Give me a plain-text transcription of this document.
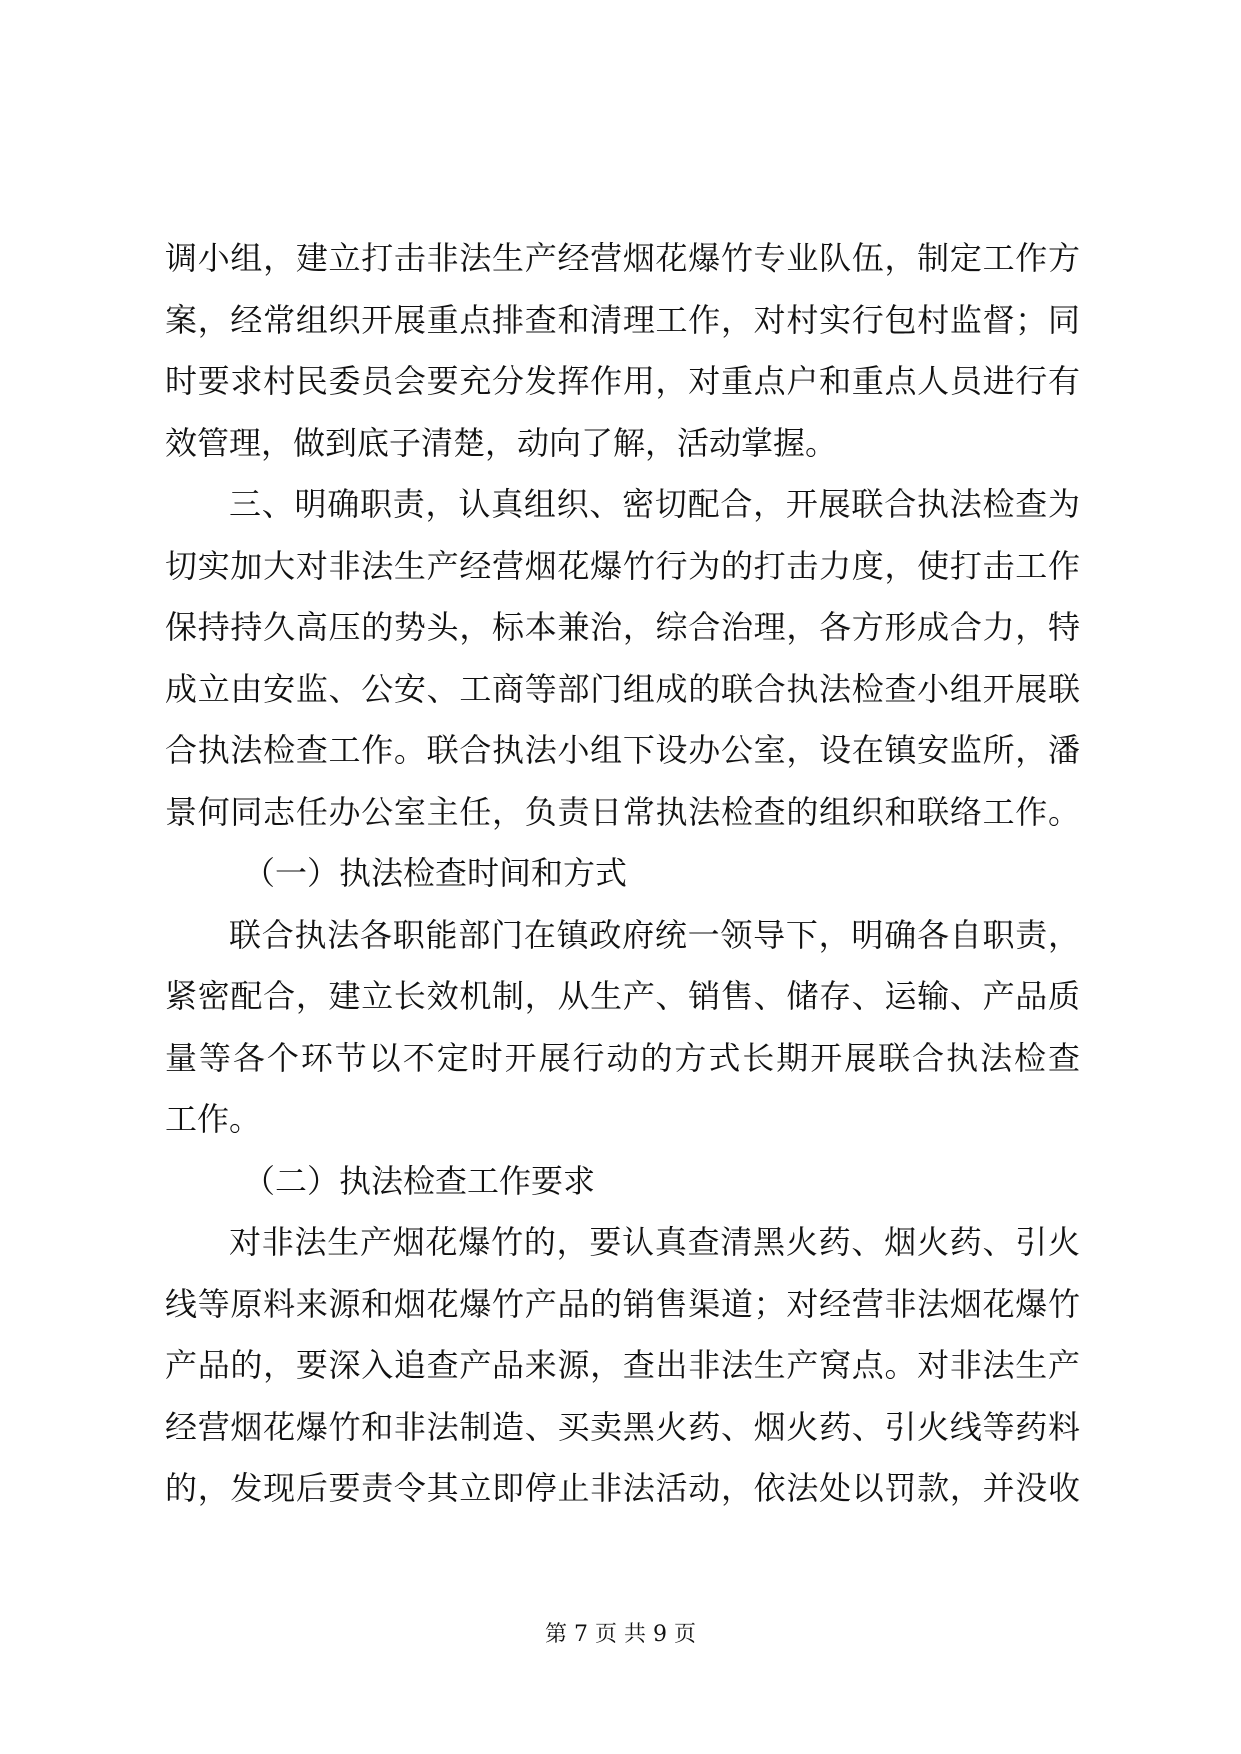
调小组，建立打击非法生产经营烟花爆竹专业队伍，制定工作方
案，经常组织开展重点排查和清理工作，对村实行包村监督；同
时要求村民委员会要充分发挥作用，对重点户和重点人员进行有
效管理，做到底子清楚，动向了解，活动掌握。
三、明确职责，认真组织、密切配合，开展联合执法检查为
切实加大对非法生产经营烟花爆竹行为的打击力度，使打击工作
保持持久高压的势头，标本兼治，综合治理，各方形成合力，特
成立由安监、公安、工商等部门组成的联合执法检查小组开展联
合执法检查工作。联合执法小组下设办公室，设在镇安监所，潘
景何同志任办公室主任，负责日常执法检查的组织和联络工作。
（一）执法检查时间和方式
联合执法各职能部门在镇政府统一领导下，明确各自职责，
紧密配合，建立长效机制，从生产、销售、储存、运输、产品质
量等各个环节以不定时开展行动的方式长期开展联合执法检查
工作。
（二）执法检查工作要求
对非法生产烟花爆竹的，要认真查清黑火药、烟火药、引火
线等原料来源和烟花爆竹产品的销售渠道；对经营非法烟花爆竹
产品的，要深入追查产品来源，查出非法生产窝点。对非法生产
经营烟花爆竹和非法制造、买卖黑火药、烟火药、引火线等药料
的，发现后要责令其立即停止非法活动，依法处以罚款，并没收
第 7 页 共 9 页
